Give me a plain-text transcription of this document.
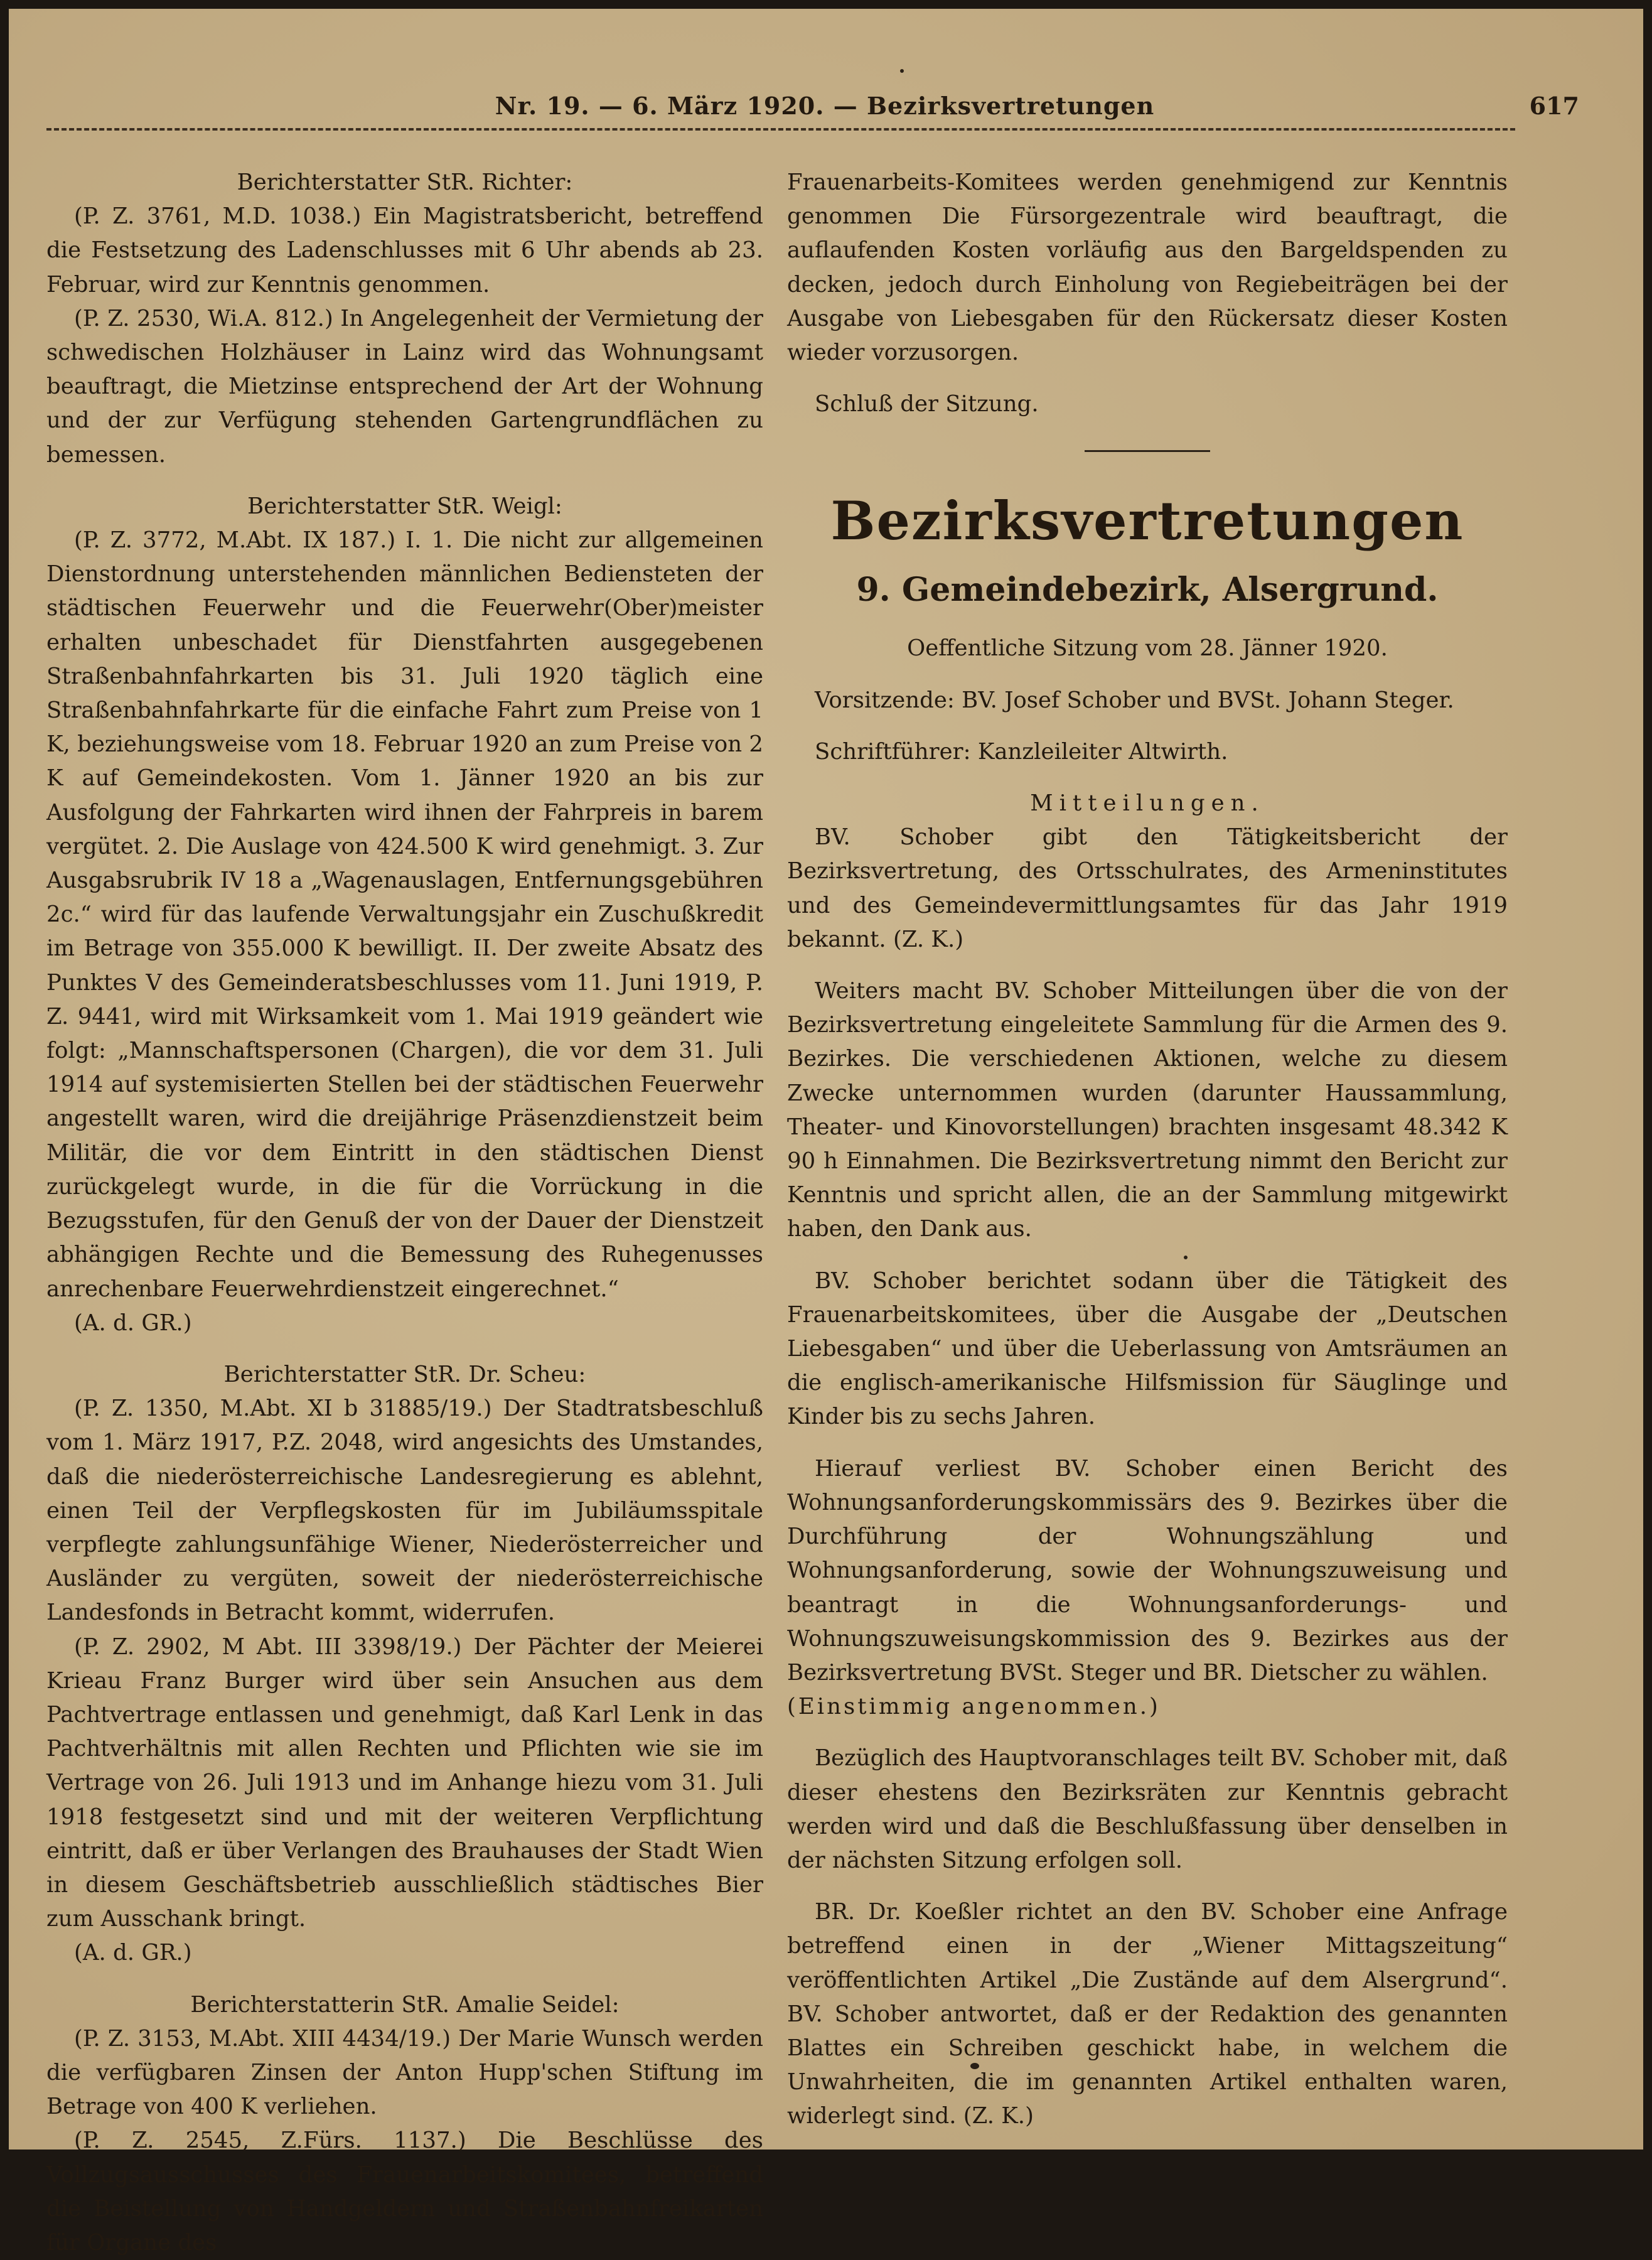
Nr. 19. — 6. März 1920. — Bezirksvertretungen	617

Berichterstatter StR. Richter:

(P. Z. 3761, M.D. 1038.) Ein Magistratsbericht, betreffend die Festsetzung des Ladenschlusses mit 6 Uhr abends ab 23. Februar, wird zur Kenntnis genommen.

(P. Z. 2530, Wi.A. 812.) In Angelegenheit der Vermietung der schwedischen Holzhäuser in Lainz wird das Wohnungsamt beauftragt, die Mietzinse entsprechend der Art der Wohnung und der zur Verfügung stehenden Gartengrundflächen zu bemessen.

Berichterstatter StR. Weigl:

(P. Z. 3772, M.Abt. IX 187.) I. 1. Die nicht zur allgemeinen Dienstordnung unterstehenden männlichen Bediensteten der städtischen Feuerwehr und die Feuerwehr(Ober)meister erhalten unbeschadet für Dienstfahrten ausgegebenen Straßenbahnfahrkarten bis 31. Juli 1920 täglich eine Straßenbahnfahrkarte für die einfache Fahrt zum Preise von 1 K, beziehungsweise vom 18. Februar 1920 an zum Preise von 2 K auf Gemeindekosten. Vom 1. Jänner 1920 an bis zur Ausfolgung der Fahrkarten wird ihnen der Fahrpreis in barem vergütet. 2. Die Auslage von 424.500 K wird genehmigt. 3. Zur Ausgabsrubrik IV 18 a „Wagenauslagen, Entfernungsgebühren 2c.“ wird für das laufende Verwaltungsjahr ein Zuschußkredit im Betrage von 355.000 K bewilligt. II. Der zweite Absatz des Punktes V des Gemeinderatsbeschlusses vom 11. Juni 1919, P. Z. 9441, wird mit Wirksamkeit vom 1. Mai 1919 geändert wie folgt: „Mannschaftspersonen (Chargen), die vor dem 31. Juli 1914 auf systemisierten Stellen bei der städtischen Feuerwehr angestellt waren, wird die dreijährige Präsenzdienstzeit beim Militär, die vor dem Eintritt in den städtischen Dienst zurückgelegt wurde, in die für die Vorrückung in die Bezugsstufen, für den Genuß der von der Dauer der Dienstzeit abhängigen Rechte und die Bemessung des Ruhegenusses anrechenbare Feuerwehrdienstzeit eingerechnet.“

(A. d. GR.)

Berichterstatter StR. Dr. Scheu:

(P. Z. 1350, M.Abt. XI b 31885/19.) Der Stadtratsbeschluß vom 1. März 1917, P.Z. 2048, wird angesichts des Umstandes, daß die niederösterreichische Landesregierung es ablehnt, einen Teil der Verpflegskosten für im Jubiläumsspitale verpflegte zahlungsunfähige Wiener, Niederösterreicher und Ausländer zu vergüten, soweit der niederösterreichische Landesfonds in Betracht kommt, widerrufen.

(P. Z. 2902, M Abt. III 3398/19.) Der Pächter der Meierei Krieau Franz Burger wird über sein Ansuchen aus dem Pachtvertrage entlassen und genehmigt, daß Karl Lenk in das Pachtverhältnis mit allen Rechten und Pflichten wie sie im Vertrage von 26. Juli 1913 und im Anhange hiezu vom 31. Juli 1918 festgesetzt sind und mit der weiteren Verpflichtung eintritt, daß er über Verlangen des Brauhauses der Stadt Wien in diesem Geschäftsbetrieb ausschließlich städtisches Bier zum Ausschank bringt.

(A. d. GR.)

Berichterstatterin StR. Amalie Seidel:

(P. Z. 3153, M.Abt. XIII 4434/19.) Der Marie Wunsch werden die verfügbaren Zinsen der Anton Hupp'schen Stiftung im Betrage von 400 K verliehen.

(P. Z. 2545, Z.Fürs. 1137.) Die Beschlüsse des Vollzugsausschusses des Frauenarbeitskomitees, betreffend die Beistellung von Handgeldern und Straßenbahnfreikarten für Organe des

Frauenarbeits-Komitees werden genehmigend zur Kenntnis genommen Die Fürsorgezentrale wird beauftragt, die auflaufenden Kosten vorläufig aus den Bargeldspenden zu decken, jedoch durch Einholung von Regiebeiträgen bei der Ausgabe von Liebesgaben für den Rückersatz dieser Kosten wieder vorzusorgen.

Schluß der Sitzung.

Bezirksvertretungen
9. Gemeindebezirk, Alsergrund.

Oeffentliche Sitzung vom 28. Jänner 1920.

Vorsitzende: BV. Josef Schober und BVSt. Johann Steger.

Schriftführer: Kanzleileiter Altwirth.

Mitteilungen.

BV. Schober gibt den Tätigkeitsbericht der Bezirksvertretung, des Ortsschulrates, des Armeninstitutes und des Gemeindevermittlungsamtes für das Jahr 1919 bekannt. (Z. K.)

Weiters macht BV. Schober Mitteilungen über die von der Bezirksvertretung eingeleitete Sammlung für die Armen des 9. Bezirkes. Die verschiedenen Aktionen, welche zu diesem Zwecke unternommen wurden (darunter Haussammlung, Theater- und Kinovorstellungen) brachten insgesamt 48.342 K 90 h Einnahmen. Die Bezirksvertretung nimmt den Bericht zur Kenntnis und spricht allen, die an der Sammlung mitgewirkt haben, den Dank aus.

BV. Schober berichtet sodann über die Tätigkeit des Frauenarbeitskomitees, über die Ausgabe der „Deutschen Liebesgaben“ und über die Ueberlassung von Amtsräumen an die englisch-amerikanische Hilfsmission für Säuglinge und Kinder bis zu sechs Jahren.

Hierauf verliest BV. Schober einen Bericht des Wohnungsanforderungskommissärs des 9. Bezirkes über die Durchführung der Wohnungszählung und Wohnungsanforderung, sowie der Wohnungszuweisung und beantragt in die Wohnungsanforderungs- und Wohnungszuweisungskommission des 9. Bezirkes aus der Bezirksvertretung BVSt. Steger und BR. Dietscher zu wählen.

(Einstimmig angenommen.)

Bezüglich des Hauptvoranschlages teilt BV. Schober mit, daß dieser ehestens den Bezirksräten zur Kenntnis gebracht werden wird und daß die Beschlußfassung über denselben in der nächsten Sitzung erfolgen soll.

BR. Dr. Koeßler richtet an den BV. Schober eine Anfrage betreffend einen in der „Wiener Mittagszeitung“ veröffentlichten Artikel „Die Zustände auf dem Alsergrund“. BV. Schober antwortet, daß er der Redaktion des genannten Blattes ein Schreiben geschickt habe, in welchem die Unwahrheiten, die im genannten Artikel enthalten waren, widerlegt sind. (Z. K.)
